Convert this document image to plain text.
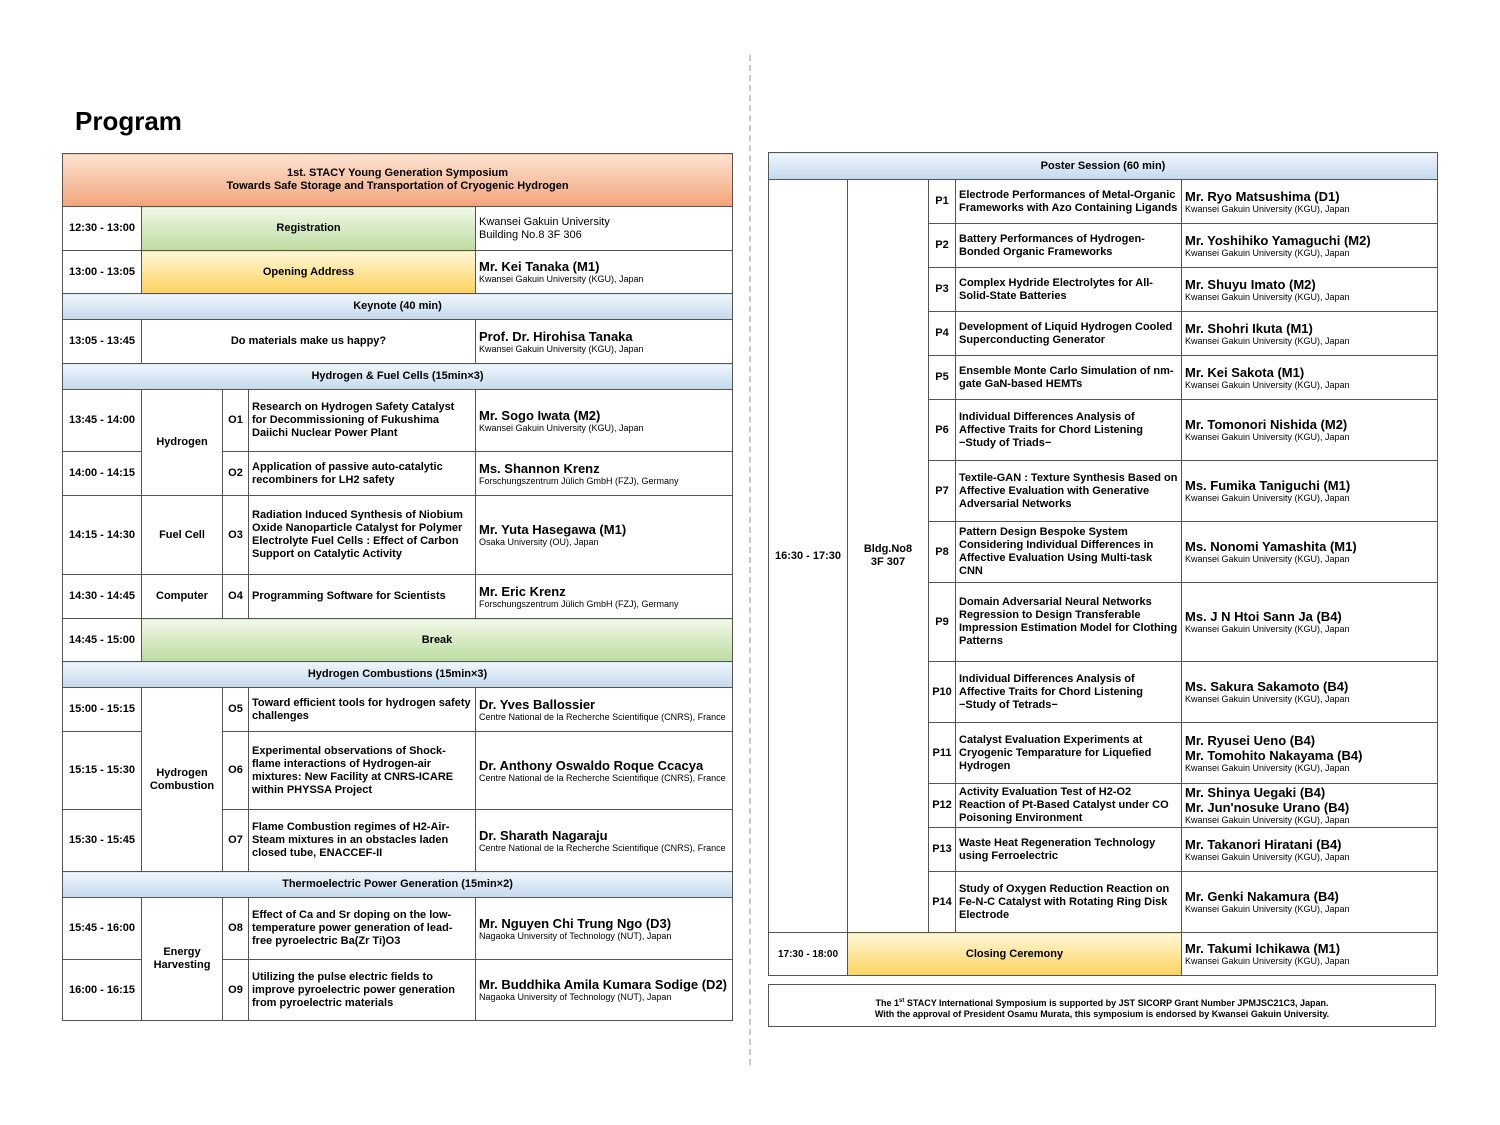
Program
1st. STACY Young Generation Symposium
Towards Safe Storage and Transportation of Cryogenic Hydrogen				
12:30 - 13:00	Registration			Kwansei Gakuin University
Building No.8 3F 306
13:00 - 13:05	Opening Address			Mr. Kei Tanaka (M1)
Kwansei Gakuin University (KGU), Japan

Keynote (40 min)				
13:05 - 13:45	Do materials make us happy?			Prof. Dr. Hirohisa Tanaka
Kwansei Gakuin University (KGU), Japan

Hydrogen & Fuel Cells (15min×3)				
13:45 - 14:00	Hydrogen	O1	Research on Hydrogen Safety Catalyst for Decommissioning of Fukushima Daiichi Nuclear Power Plant	Mr. Sogo Iwata (M2)
Kwansei Gakuin University (KGU), Japan

14:00 - 14:15		O2	Application of passive auto-catalytic recombiners for LH2 safety	Ms. Shannon Krenz
Forschungszentrum Jülich GmbH (FZJ), Germany

14:15 - 14:30	Fuel Cell	O3	Radiation Induced Synthesis of Niobium Oxide Nanoparticle Catalyst for Polymer Electrolyte Fuel Cells : Effect of Carbon Support on Catalytic Activity	Mr. Yuta Hasegawa (M1)
Osaka University (OU), Japan

14:30 - 14:45	Computer	O4	Programming Software for Scientists	Mr. Eric Krenz
Forschungszentrum Jülich GmbH (FZJ), Germany

14:45 - 15:00	Break			
Hydrogen Combustions (15min×3)				
15:00 - 15:15	Hydrogen
Combustion	O5	Toward efficient tools for hydrogen safety challenges	Dr. Yves Ballossier
Centre National de la Recherche Scientifique (CNRS), France

15:15 - 15:30		O6	Experimental observations of Shock-flame interactions of Hydrogen-air mixtures: New Facility at CNRS-ICARE within PHYSSA Project	Dr. Anthony Oswaldo Roque Ccacya
Centre National de la Recherche Scientifique (CNRS), France

15:30 - 15:45		O7	Flame Combustion regimes of H2-Air-Steam mixtures in an obstacles laden closed tube, ENACCEF-II	Dr. Sharath Nagaraju
Centre National de la Recherche Scientifique (CNRS), France

Thermoelectric Power Generation (15min×2)				
15:45 - 16:00	Energy
Harvesting	O8	Effect of Ca and Sr doping on the low-temperature power generation of lead-free pyroelectric Ba(Zr Ti)O3	Mr. Nguyen Chi Trung Ngo (D3)
Nagaoka University of Technology (NUT), Japan

16:00 - 16:15		O9	Utilizing the pulse electric fields to improve pyroelectric power generation from pyroelectric materials	Mr. Buddhika Amila Kumara Sodige (D2)
Nagaoka University of Technology (NUT), Japan
Poster Session (60 min)				
16:30 - 17:30	Bldg.No8
3F 307	P1	Electrode Performances of Metal-Organic Frameworks with Azo Containing Ligands	Mr. Ryo Matsushima (D1)
Kwansei Gakuin University (KGU), Japan

		P2	Battery Performances of Hydrogen-Bonded Organic Frameworks	Mr. Yoshihiko Yamaguchi (M2)
Kwansei Gakuin University (KGU), Japan

		P3	Complex Hydride Electrolytes for All-Solid-State Batteries	Mr. Shuyu Imato (M2)
Kwansei Gakuin University (KGU), Japan

		P4	Development of Liquid Hydrogen Cooled Superconducting Generator	Mr. Shohri Ikuta (M1)
Kwansei Gakuin University (KGU), Japan

		P5	Ensemble Monte Carlo Simulation of nm-gate GaN-based HEMTs	Mr. Kei Sakota (M1)
Kwansei Gakuin University (KGU), Japan

		P6	Individual Differences Analysis of Affective Traits for Chord Listening −Study of Triads−	Mr. Tomonori Nishida (M2)
Kwansei Gakuin University (KGU), Japan

		P7	Textile-GAN : Texture Synthesis Based on Affective Evaluation with Generative Adversarial Networks	Ms. Fumika Taniguchi (M1)
Kwansei Gakuin University (KGU), Japan

		P8	Pattern Design Bespoke System Considering Individual Differences in Affective Evaluation Using Multi-task CNN	Ms. Nonomi Yamashita (M1)
Kwansei Gakuin University (KGU), Japan

		P9	Domain Adversarial Neural Networks Regression to Design Transferable Impression Estimation Model for Clothing Patterns	Ms. J N Htoi Sann Ja (B4)
Kwansei Gakuin University (KGU), Japan

		P10	Individual Differences Analysis of Affective Traits for Chord Listening −Study of Tetrads−	Ms. Sakura Sakamoto (B4)
Kwansei Gakuin University (KGU), Japan

		P11	Catalyst Evaluation Experiments at Cryogenic Temparature for Liquefied Hydrogen	Mr. Ryusei Ueno (B4)
Mr. Tomohito Nakayama (B4)
Kwansei Gakuin University (KGU), Japan

		P12	Activity Evaluation Test of H2-O2 Reaction of Pt-Based Catalyst under CO Poisoning Environment	Mr. Shinya Uegaki (B4)
Mr. Jun'nosuke Urano (B4)
Kwansei Gakuin University (KGU), Japan

		P13	Waste Heat Regeneration Technology using Ferroelectric	Mr. Takanori Hiratani (B4)
Kwansei Gakuin University (KGU), Japan

		P14	Study of Oxygen Reduction Reaction on Fe-N-C Catalyst with Rotating Ring Disk Electrode	Mr. Genki Nakamura (B4)
Kwansei Gakuin University (KGU), Japan

17:30 - 18:00	Closing Ceremony			Mr. Takumi Ichikawa (M1)
Kwansei Gakuin University (KGU), Japan
The 1st STACY International Symposium is supported by JST SICORP Grant Number JPMJSC21C3, Japan.
With the approval of President Osamu Murata, this symposium is endorsed by Kwansei Gakuin University.
